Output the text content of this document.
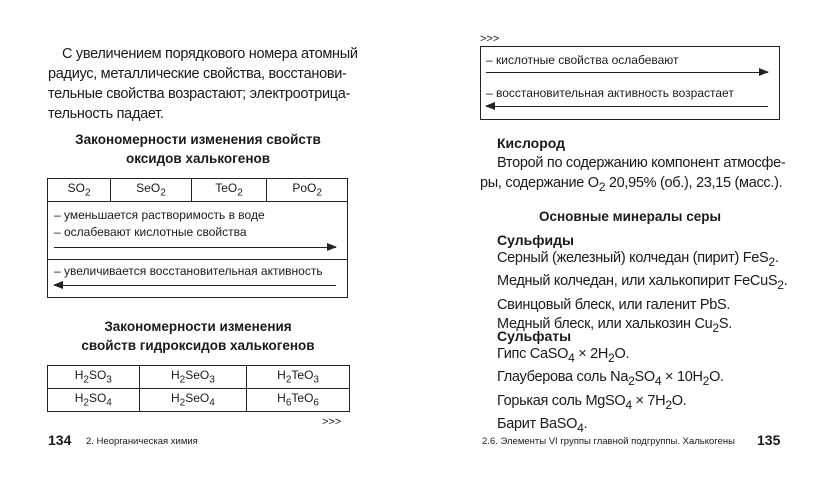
С увеличением порядкового номера атомный
радиус, металлические свойства, восстанови-
тельные свойства возрастают; электроотрица-
тельность падает.
Закономерности изменения свойств
оксидов халькогенов
$SO_2$	SeO$_2$	TeO$_2$	PoO$_2$
– уменьшается растворимость в воде
– ослабевают кислотные свойства
– увеличивается восстановительная активность
Закономерности изменения
свойств гидроксидов халькогенов
$H_2SO_3$	$H_2SeO_3$	$H_2TeO_3$
$H_2SO_4$	$H_2SeO_4$	$H_6TeO_6$
>>>
134 2. Неорганическая химия
>>>
– кислотные свойства ослабевают
– восстановительная активность возрастает
Кислород
Второй по содержанию компонент атмосфе-
ры, содержание $О_2$ 20,95% (об.), 23,15 (масс.).
Основные минералы серы
Сульфиды
Серный (железный) колчедан (пирит) FeS$_2$.
Медный колчедан, или халькопирит FeCuS$_2$.
Свинцовый блеск, или галенит PbS.
Медный блеск, или халькозин $Cu_2S$.
Сульфаты
Гипс CaSO$_4$ × $2H_2O$.
Глауберова соль $Na_2SO_4 \times 10H_2O$.
Горькая соль MgSO$_4$ × $7H_2O$.
Барит BaSO$_4$.
2.6. Элементы VI группы главной подгруппы. Халькогены 135
